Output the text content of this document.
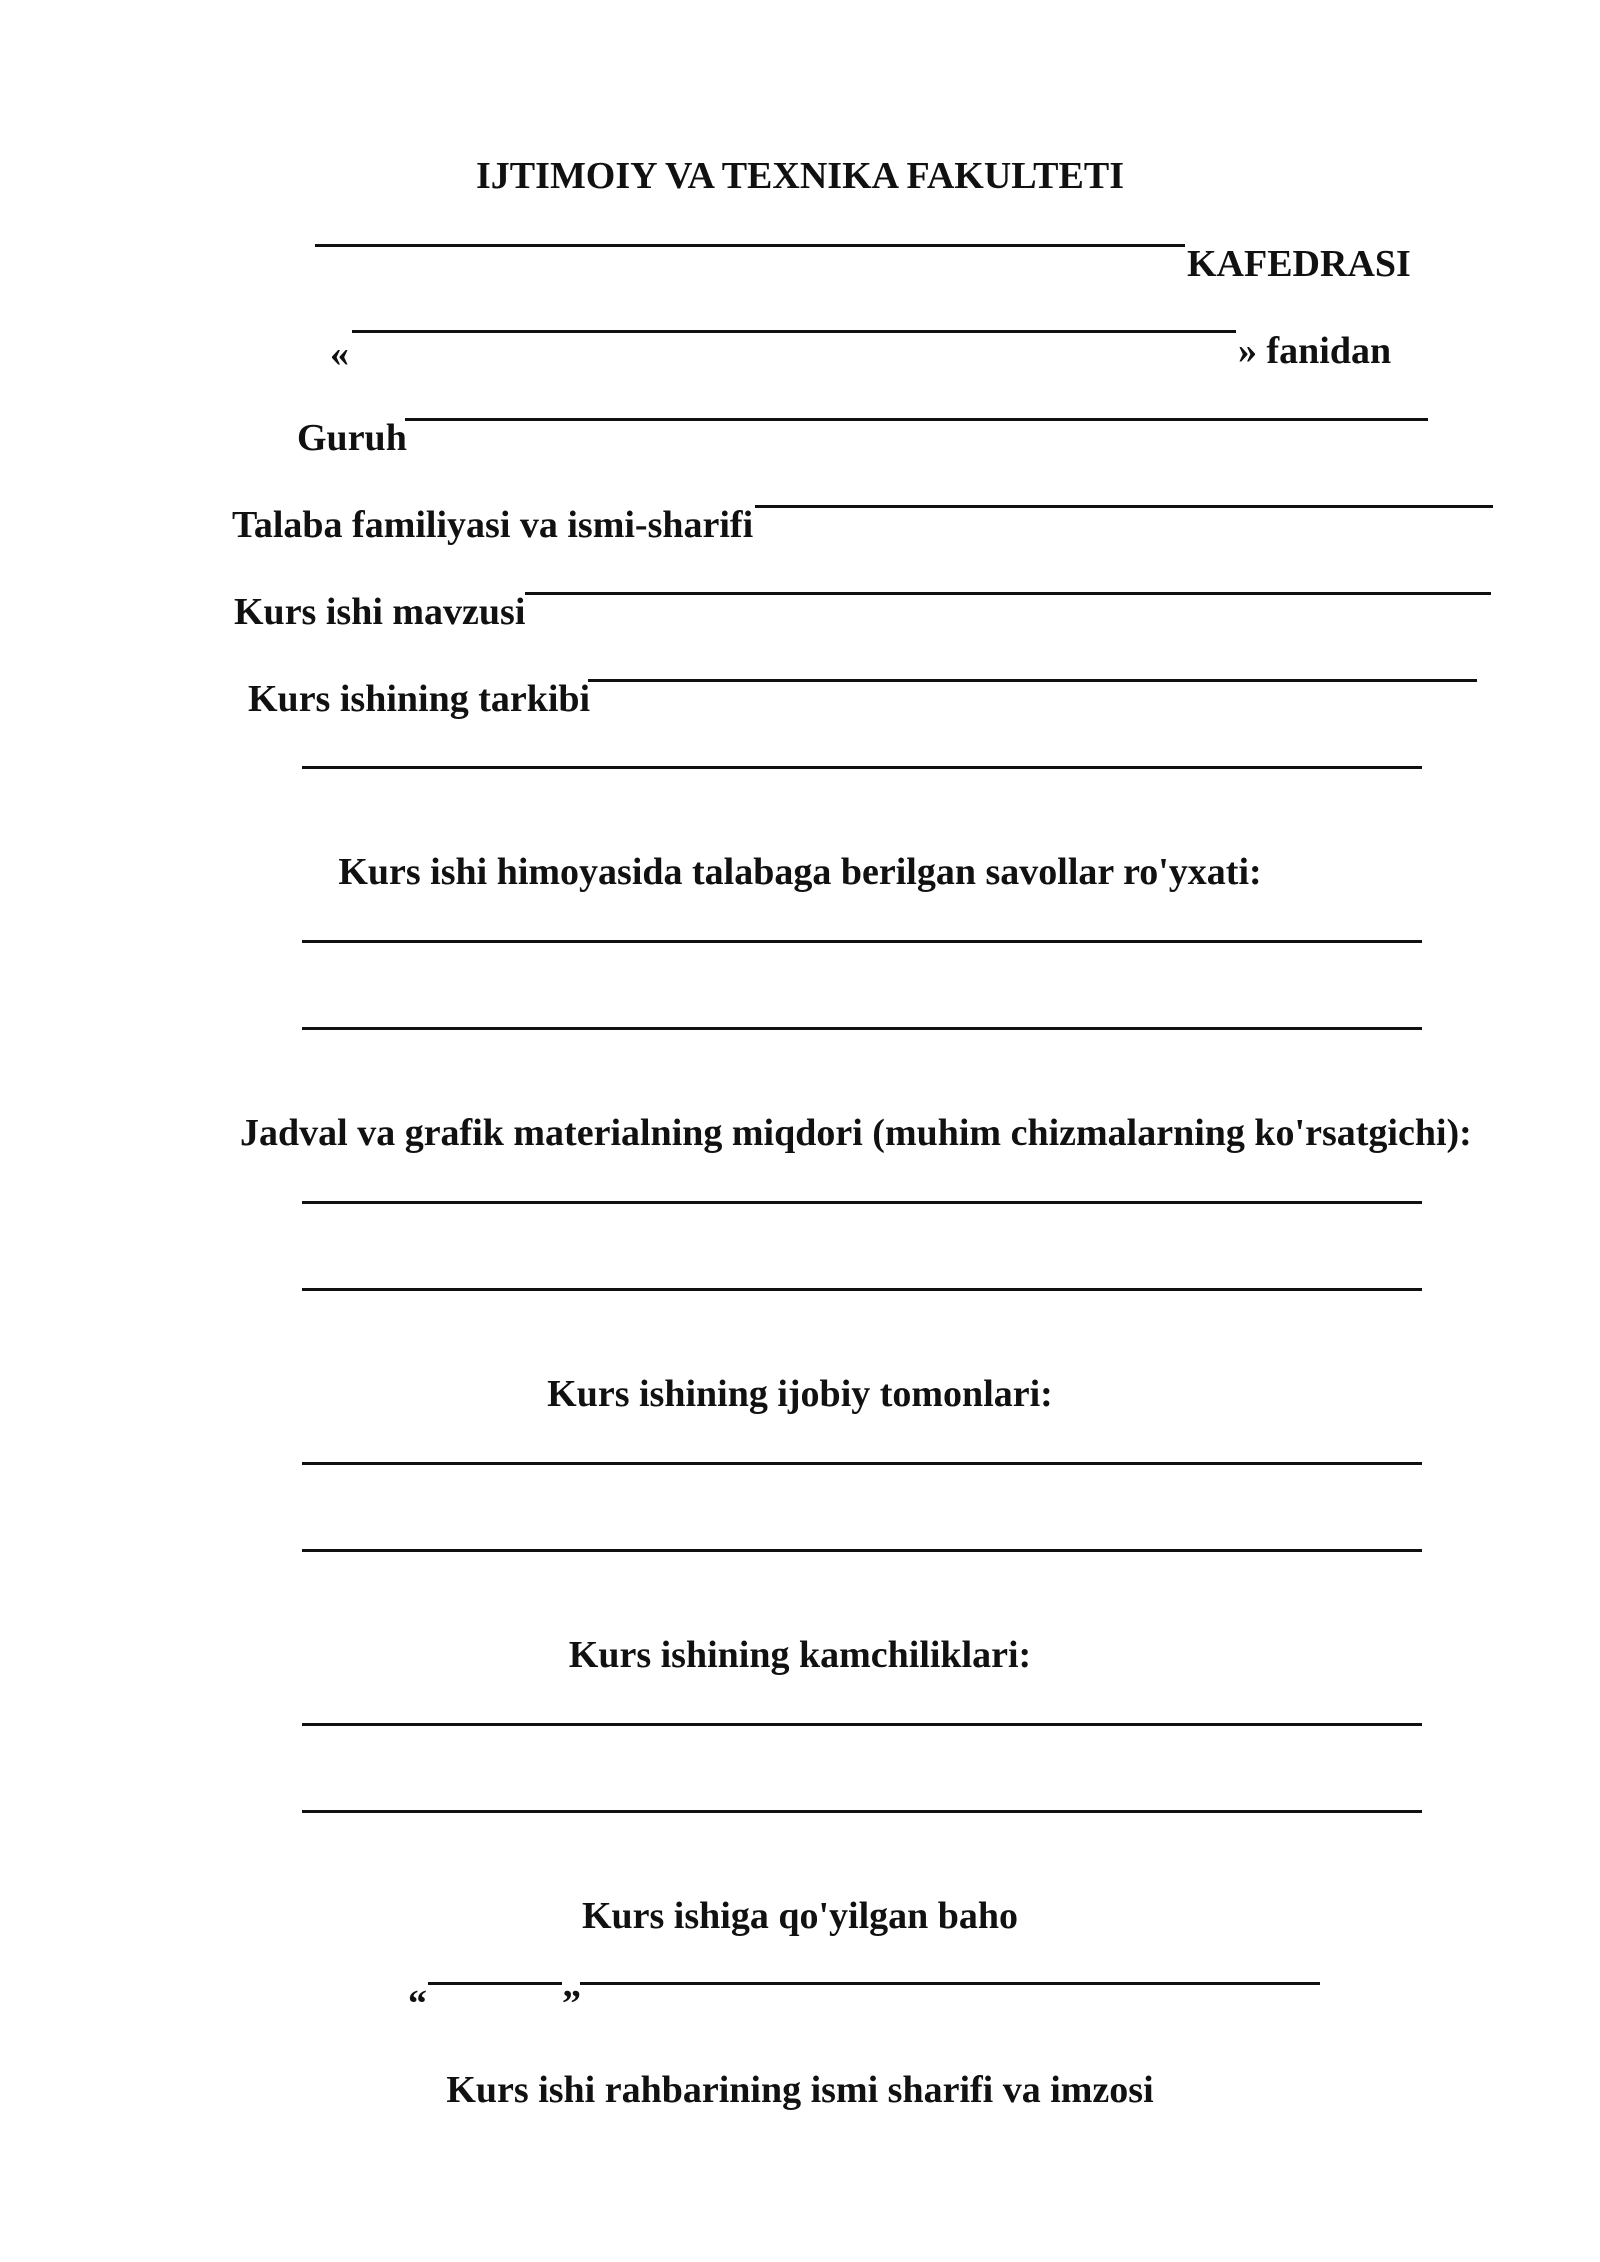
IJTIMOIY VA TEXNIKA FAKULTETI
KAFEDRASI
«	» fanidan
Guruh
Talaba familiyasi va ismi-sharifi
Kurs ishi mavzusi
Kurs ishining tarkibi
Kurs ishi himoyasida talabaga berilgan savollar ro'yxati:
Jadval va grafik materialning miqdori (muhim chizmalarning ko'rsatgichi):
Kurs ishining ijobiy tomonlari:
Kurs ishining kamchiliklari:
Kurs ishiga qo'yilgan baho
“	”
Kurs ishi rahbarining ismi sharifi va imzosi
